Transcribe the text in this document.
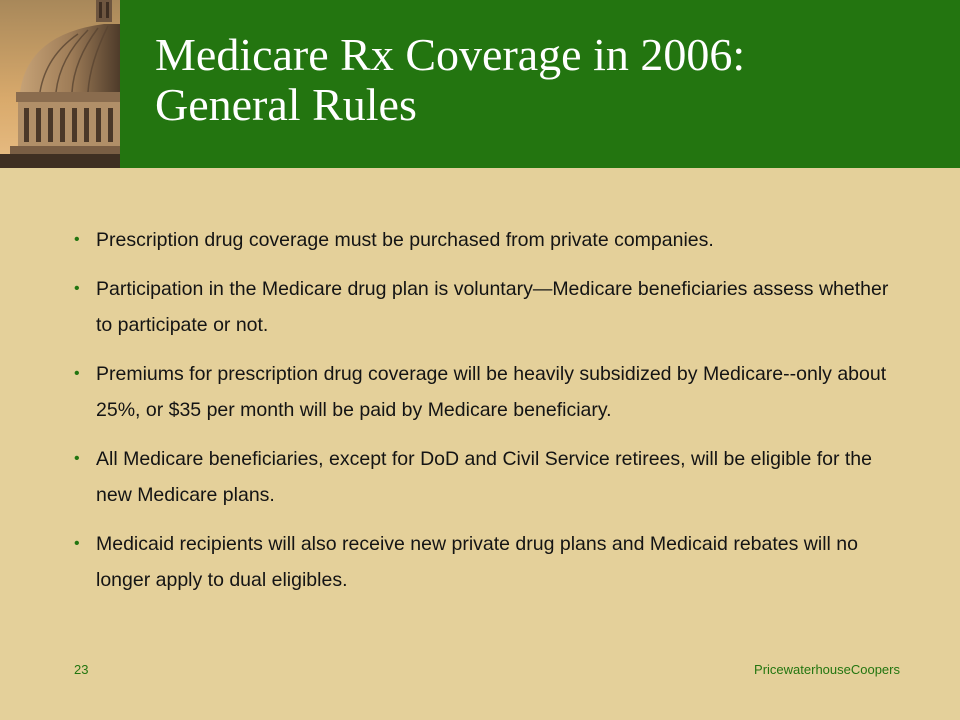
Medicare Rx Coverage in 2006:
General Rules
• Prescription drug coverage must be purchased from private companies.
• Participation in the Medicare drug plan is voluntary—Medicare beneficiaries assess whether to participate or not.
• Premiums for prescription drug coverage will be heavily subsidized by Medicare--only about 25%, or $35 per month will be paid by Medicare beneficiary.
• All Medicare beneficiaries, except for DoD and Civil Service retirees, will be eligible for the new Medicare plans.
• Medicaid recipients will also receive new private drug plans and Medicaid rebates will no longer apply to dual eligibles.
23	PricewaterhouseCoopers
